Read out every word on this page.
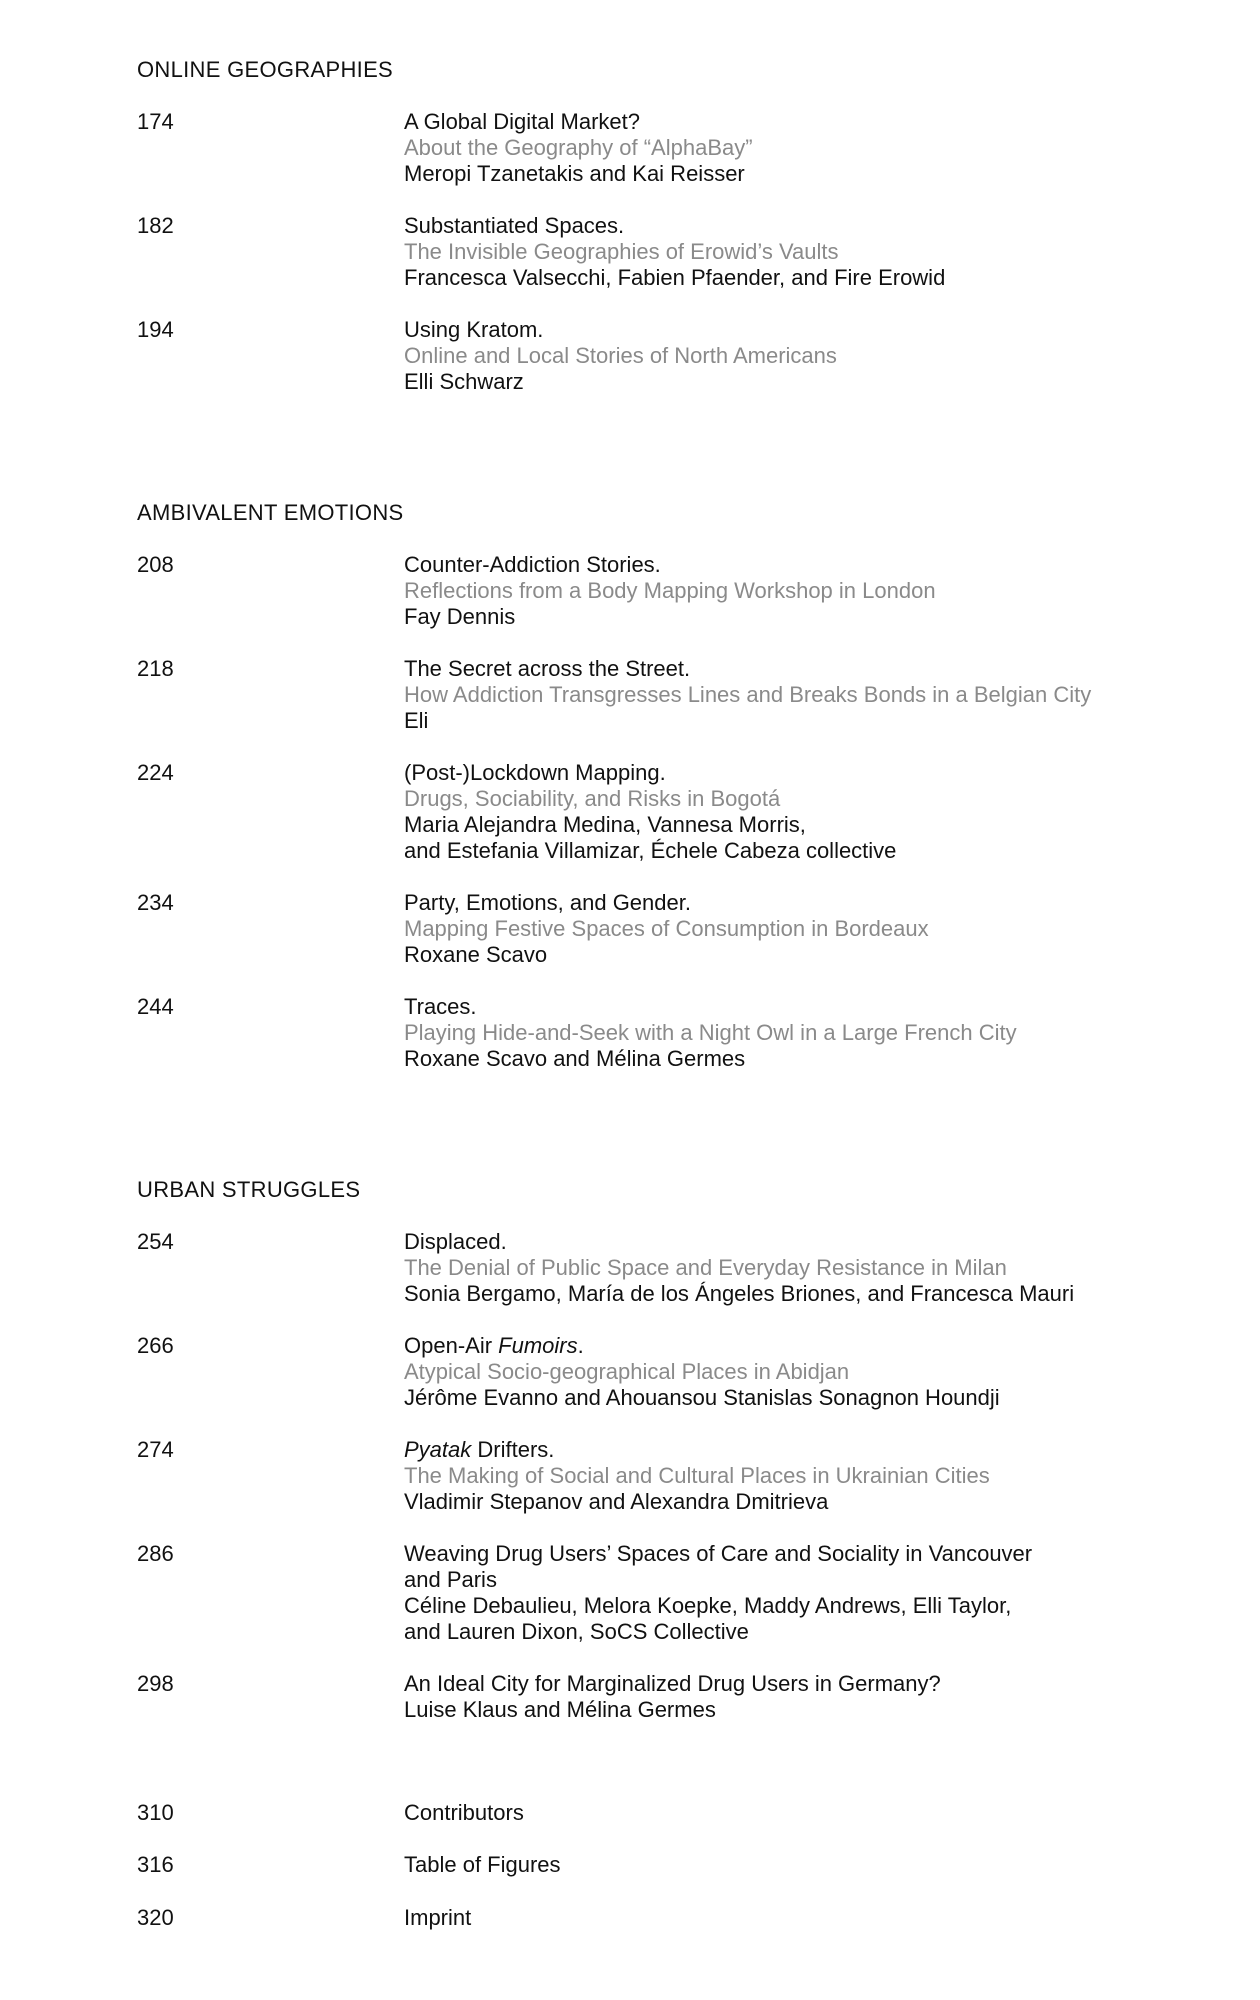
ONLINE GEOGRAPHIES
174	A Global Digital Market?
About the Geography of “AlphaBay”
Meropi Tzanetakis and Kai Reisser
182	Substantiated Spaces.
The Invisible Geographies of Erowid’s Vaults
Francesca Valsecchi, Fabien Pfaender, and Fire Erowid
194	Using Kratom.
Online and Local Stories of North Americans
Elli Schwarz
AMBIVALENT EMOTIONS
208	Counter-Addiction Stories.
Reflections from a Body Mapping Workshop in London
Fay Dennis
218	The Secret across the Street.
How Addiction Transgresses Lines and Breaks Bonds in a Belgian City
Eli
224	(Post-)Lockdown Mapping.
Drugs, Sociability, and Risks in Bogotá
Maria Alejandra Medina, Vannesa Morris,
and Estefania Villamizar, Échele Cabeza collective
234	Party, Emotions, and Gender.
Mapping Festive Spaces of Consumption in Bordeaux
Roxane Scavo
244	Traces.
Playing Hide-and-Seek with a Night Owl in a Large French City
Roxane Scavo and Mélina Germes
URBAN STRUGGLES
254	Displaced.
The Denial of Public Space and Everyday Resistance in Milan
Sonia Bergamo, María de los Ángeles Briones, and Francesca Mauri
266	Open-Air Fumoirs.
Atypical Socio-geographical Places in Abidjan
Jérôme Evanno and Ahouansou Stanislas Sonagnon Houndji
274	Pyatak Drifters.
The Making of Social and Cultural Places in Ukrainian Cities
Vladimir Stepanov and Alexandra Dmitrieva
286	Weaving Drug Users’ Spaces of Care and Sociality in Vancouver
and Paris
Céline Debaulieu, Melora Koepke, Maddy Andrews, Elli Taylor,
and Lauren Dixon, SoCS Collective
298	An Ideal City for Marginalized Drug Users in Germany?
Luise Klaus and Mélina Germes
310	Contributors
316	Table of Figures
320	Imprint
